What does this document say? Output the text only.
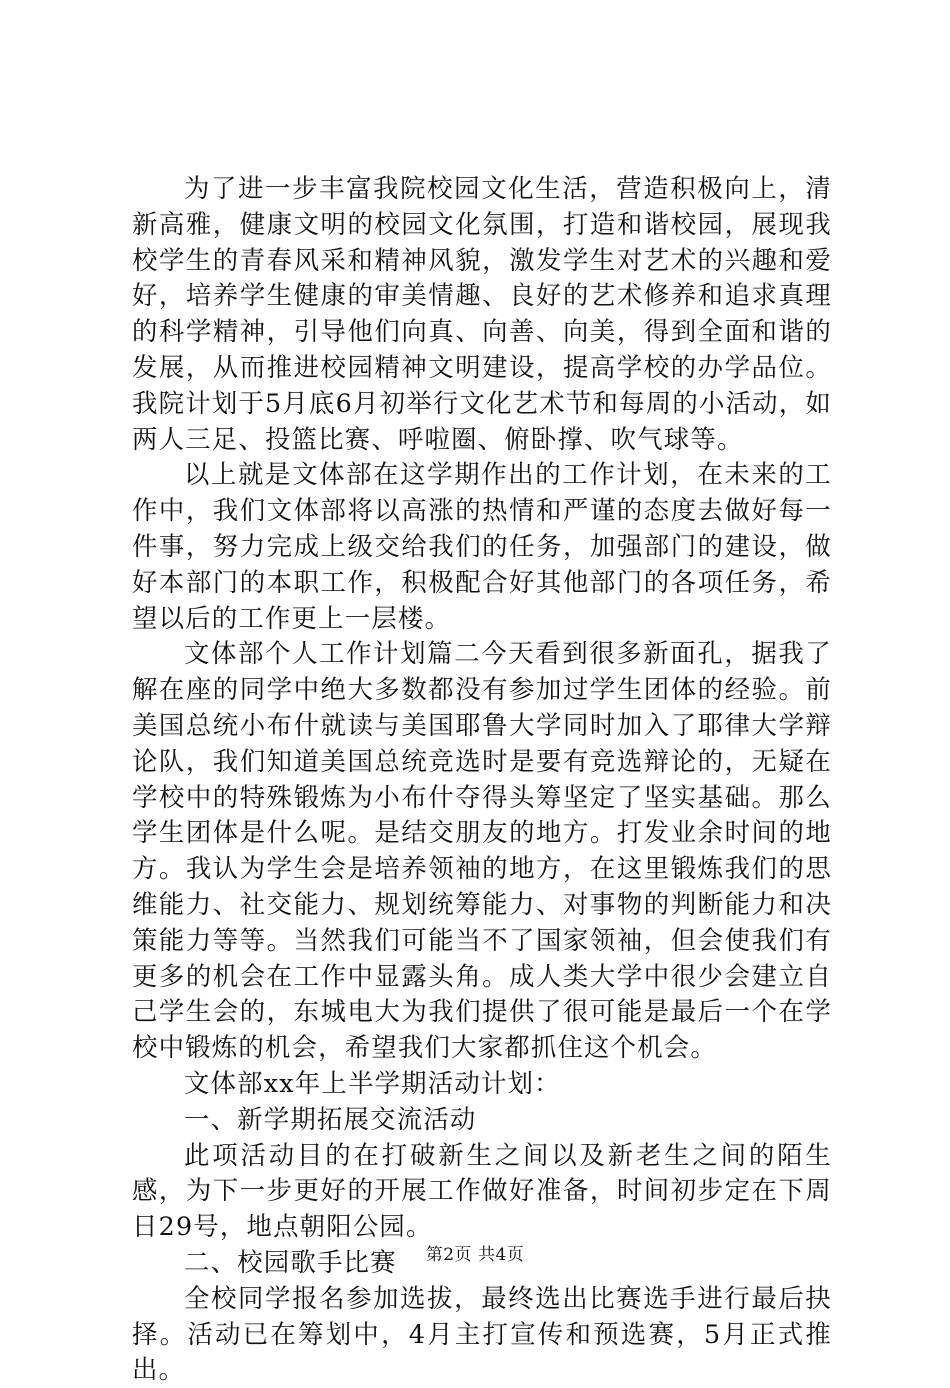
为了进一步丰富我院校园文化生活，营造积极向上，清新高雅，健康文明的校园文化氛围，打造和谐校园，展现我校学生的青春风采和精神风貌，激发学生对艺术的兴趣和爱好，培养学生健康的审美情趣、良好的艺术修养和追求真理的科学精神，引导他们向真、向善、向美，得到全面和谐的发展，从而推进校园精神文明建设，提高学校的办学品位。我院计划于5月底6月初举行文化艺术节和每周的小活动，如两人三足、投篮比赛、呼啦圈、俯卧撑、吹气球等。

以上就是文体部在这学期作出的工作计划，在未来的工作中，我们文体部将以高涨的热情和严谨的态度去做好每一件事，努力完成上级交给我们的任务，加强部门的建设，做好本部门的本职工作，积极配合好其他部门的各项任务，希望以后的工作更上一层楼。

文体部个人工作计划篇二今天看到很多新面孔，据我了解在座的同学中绝大多数都没有参加过学生团体的经验。前美国总统小布什就读与美国耶鲁大学同时加入了耶律大学辩论队，我们知道美国总统竞选时是要有竞选辩论的，无疑在学校中的特殊锻炼为小布什夺得头筹坚定了坚实基础。那么学生团体是什么呢。是结交朋友的地方。打发业余时间的地方。我认为学生会是培养领袖的地方，在这里锻炼我们的思维能力、社交能力、规划统筹能力、对事物的判断能力和决策能力等等。当然我们可能当不了国家领袖，但会使我们有更多的机会在工作中显露头角。成人类大学中很少会建立自己学生会的，东城电大为我们提供了很可能是最后一个在学校中锻炼的机会，希望我们大家都抓住这个机会。

文体部xx年上半学期活动计划：

一、新学期拓展交流活动

此项活动目的在打破新生之间以及新老生之间的陌生感，为下一步更好的开展工作做好准备，时间初步定在下周日29号，地点朝阳公园。

二、校园歌手比赛

全校同学报名参加选拔，最终选出比赛选手进行最后抉择。活动已在筹划中，4月主打宣传和预选赛，5月正式推出。

第2页 共4页
